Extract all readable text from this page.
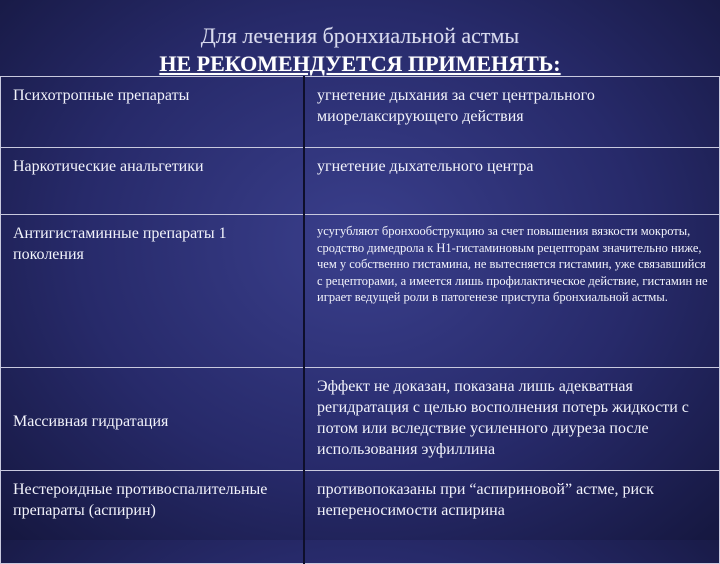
Для лечения бронхиальной астмы
НЕ РЕКОМЕНДУЕТСЯ ПРИМЕНЯТЬ:
Психотропные препараты	угнетение дыхания за счет центрального миорелаксирующего действия
Наркотические анальгетики	угнетение дыхательного центра
Антигистаминные препараты 1 поколения	усугубляют бронхообструкцию за счет повышения вязкости мокроты, сродство димедрола к Н1-гистаминовым рецепторам значительно ниже, чем у собственно гистамина, не вытесняется гистамин, уже связавшийся с рецепторами, а имеется лишь профилактическое действие, гистамин не играет ведущей роли в патогенезе приступа бронхиальной астмы.
Массивная гидратация	Эффект не доказан, показана лишь адекватная регидратация с целью восполнения потерь жидкости с потом или вследствие усиленного диуреза после использования эуфиллина
Нестероидные противоспалительные препараты (аспирин)	противопоказаны при “аспириновой” астме, риск непереносимости аспирина
